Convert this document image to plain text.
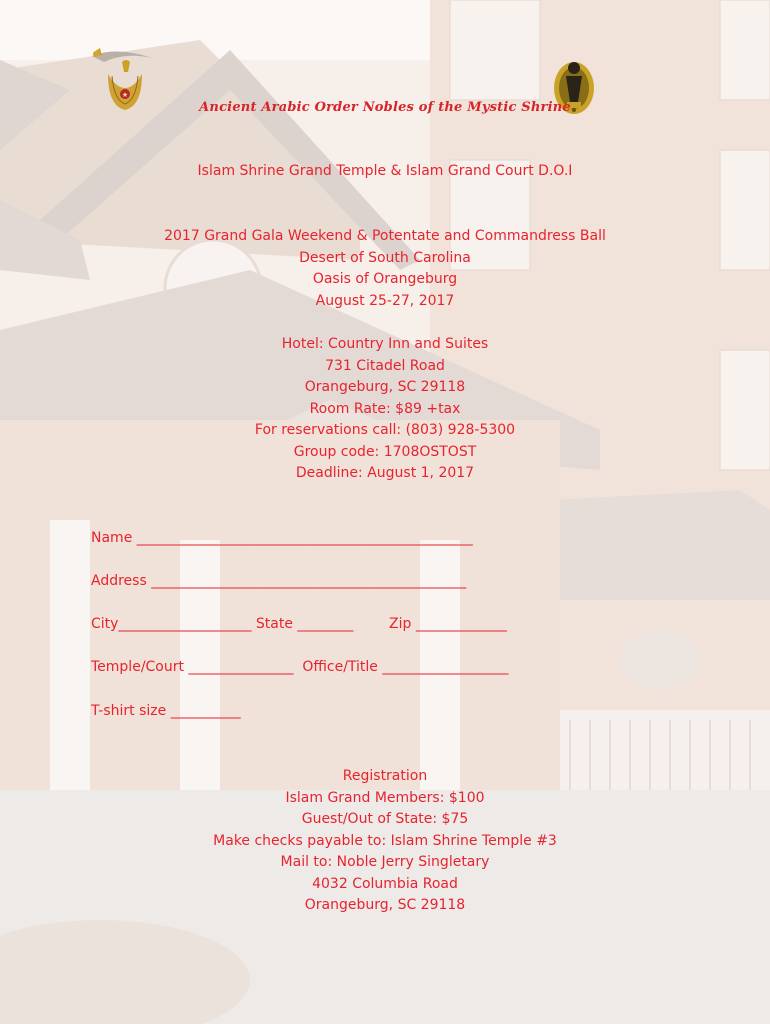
★
Ancient Arabic Order Nobles of the Mystic Shrine
Islam Shrine Grand Temple & Islam Grand Court D.O.I
2017 Grand Gala Weekend & Potentate and Commandress Ball
Desert of South Carolina
Oasis of Orangeburg
August 25-27, 2017
Hotel: Country Inn and Suites
731 Citadel Road
Orangeburg, SC 29118
Room Rate: $89 +tax
For reservations call: (803) 928-5300
Group code: 1708OSTOST
Deadline: August 1, 2017
Name ________________________________________________
Address _____________________________________________
City___________________ State ________        Zip _____________
Temple/Court _______________  Office/Title __________________
T-shirt size __________
Registration
Islam Grand Members: $100
Guest/Out of State: $75
Make checks payable to: Islam Shrine Temple #3
Mail to: Noble Jerry Singletary
4032 Columbia Road
Orangeburg, SC 29118
